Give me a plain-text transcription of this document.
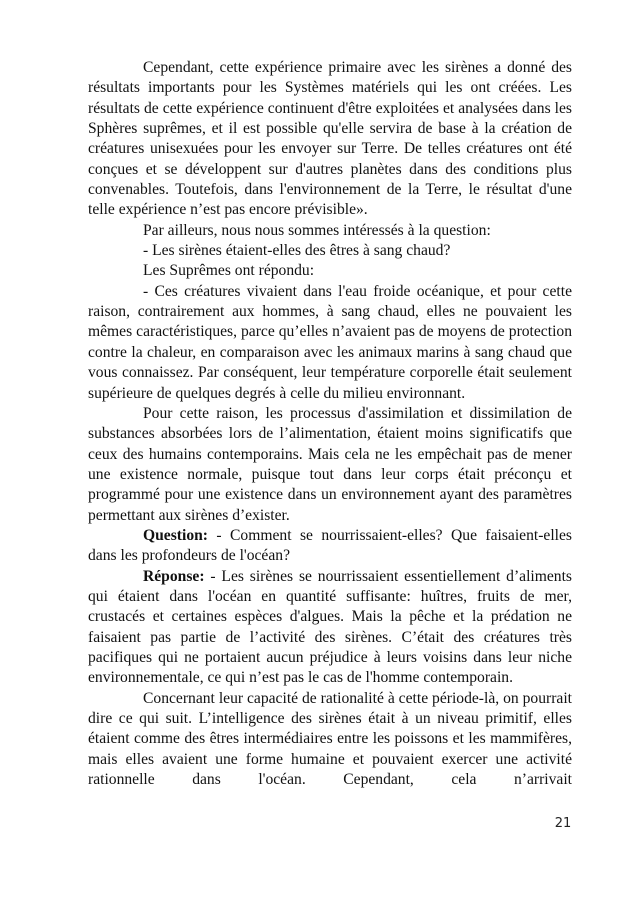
Cependant, cette expérience primaire avec les sirènes a donné des résultats importants pour les Systèmes matériels qui les ont créées. Les résultats de cette expérience continuent d'être exploitées et analysées dans les Sphères suprêmes, et il est possible qu'elle servira de base à la création de créatures unisexuées pour les envoyer sur Terre. De telles créatures ont été conçues et se développent sur d'autres planètes dans des conditions plus convenables. Toutefois, dans l'environnement de la Terre, le résultat d'une telle expérience n’est pas encore prévisible».

Par ailleurs, nous nous sommes intéressés à la question:

- Les sirènes étaient-elles des êtres à sang chaud?

Les Suprêmes ont répondu:

- Ces créatures vivaient dans l'eau froide océanique, et pour cette raison, contrairement aux hommes, à sang chaud, elles ne pouvaient les mêmes caractéristiques, parce qu’elles n’avaient pas de moyens de protection contre la chaleur, en comparaison avec les animaux marins à sang chaud que vous connaissez. Par conséquent, leur température corporelle était seulement supérieure de quelques degrés à celle du milieu environnant.

Pour cette raison, les processus d'assimilation et dissimilation de substances absorbées lors de l’alimentation, étaient moins significatifs que ceux des humains contemporains. Mais cela ne les empêchait pas de mener une existence normale, puisque tout dans leur corps était préconçu et programmé pour une existence dans un environnement ayant des paramètres permettant aux sirènes d’exister.

Question: - Comment se nourrissaient-elles? Que faisaient-elles dans les profondeurs de l'océan?

Réponse: - Les sirènes se nourrissaient essentiellement d’aliments qui étaient dans l'océan en quantité suffisante: huîtres, fruits de mer, crustacés et certaines espèces d'algues. Mais la pêche et la prédation ne faisaient pas partie de l’activité des sirènes. C’était des créatures très pacifiques qui ne portaient aucun préjudice à leurs voisins dans leur niche environnementale, ce qui n’est pas le cas de l'homme contemporain.

Concernant leur capacité de rationalité à cette période-là, on pourrait dire ce qui suit. L’intelligence des sirènes était à un niveau primitif, elles étaient comme des êtres intermédiaires entre les poissons et les mammifères, mais elles avaient une forme humaine et pouvaient exercer une activité rationnelle dans l'océan. Cependant, cela n’arrivait

21
